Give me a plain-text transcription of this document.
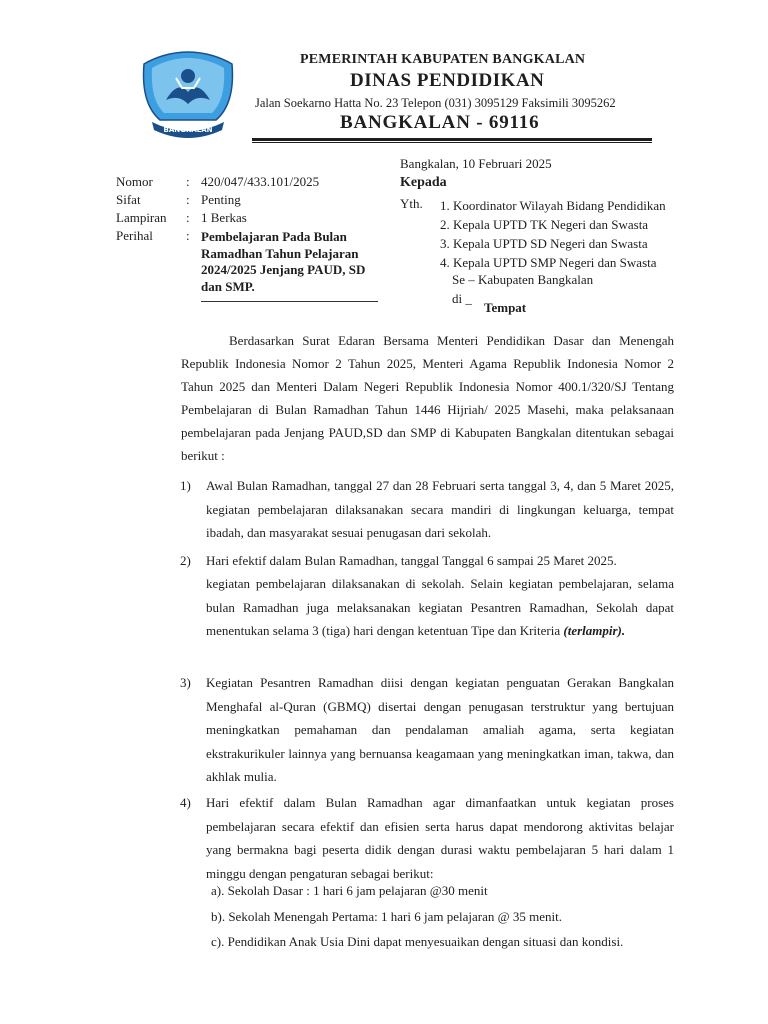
BANGKALAN
PEMERINTAH KABUPATEN BANGKALAN
DINAS PENDIDIKAN
Jalan Soekarno Hatta No. 23 Telepon (031) 3095129 Faksimili 3095262
BANGKALAN - 69116
Bangkalan, 10 Februari 2025
Nomor	: 420/047/433.101/2025
Sifat	: Penting
Lampiran : 1 Berkas
Perihal	: Pembelajaran Pada Bulan Ramadhan Tahun Pelajaran 2024/2025 Jenjang PAUD, SD dan SMP.
Kepada
Yth. 1. Koordinator Wilayah Bidang Pendidikan
2. Kepala UPTD TK Negeri dan Swasta
3. Kepala UPTD SD Negeri dan Swasta
4. Kepala UPTD SMP Negeri dan Swasta
Se – Kabupaten Bangkalan
di _
Tempat

Berdasarkan Surat Edaran Bersama Menteri Pendidikan Dasar dan Menengah Republik Indonesia Nomor 2 Tahun 2025, Menteri Agama Republik Indonesia Nomor 2 Tahun 2025 dan Menteri Dalam Negeri Republik Indonesia Nomor 400.1/320/SJ Tentang Pembelajaran di Bulan Ramadhan Tahun 1446 Hijriah/ 2025 Masehi, maka pelaksanaan pembelajaran pada Jenjang PAUD,SD dan SMP di Kabupaten Bangkalan ditentukan sebagai berikut :

1) Awal Bulan Ramadhan, tanggal 27 dan 28 Februari serta tanggal 3, 4, dan 5 Maret 2025, kegiatan pembelajaran dilaksanakan secara mandiri di lingkungan keluarga, tempat ibadah, dan masyarakat sesuai penugasan dari sekolah.

2) Hari efektif dalam Bulan Ramadhan, tanggal Tanggal 6 sampai 25 Maret 2025.

kegiatan pembelajaran dilaksanakan di sekolah. Selain kegiatan pembelajaran, selama bulan Ramadhan juga melaksanakan kegiatan Pesantren Ramadhan, Sekolah dapat menentukan selama 3 (tiga) hari dengan ketentuan Tipe dan Kriteria (terlampir).

3) Kegiatan Pesantren Ramadhan diisi dengan kegiatan penguatan Gerakan Bangkalan Menghafal al-Quran (GBMQ) disertai dengan penugasan terstruktur yang bertujuan meningkatkan pemahaman dan pendalaman amaliah agama, serta kegiatan ekstrakurikuler lainnya yang bernuansa keagamaan yang meningkatkan iman, takwa, dan akhlak mulia.

4) Hari efektif dalam Bulan Ramadhan agar dimanfaatkan untuk kegiatan proses pembelajaran secara efektif dan efisien serta harus dapat mendorong aktivitas belajar yang bermakna bagi peserta didik dengan durasi waktu pembelajaran 5 hari dalam 1 minggu dengan pengaturan sebagai berikut:

a). Sekolah Dasar : 1 hari 6 jam pelajaran @30 menit
b). Sekolah Menengah Pertama: 1 hari 6 jam pelajaran @ 35 menit.
c). Pendidikan Anak Usia Dini dapat menyesuaikan dengan situasi dan kondisi.
